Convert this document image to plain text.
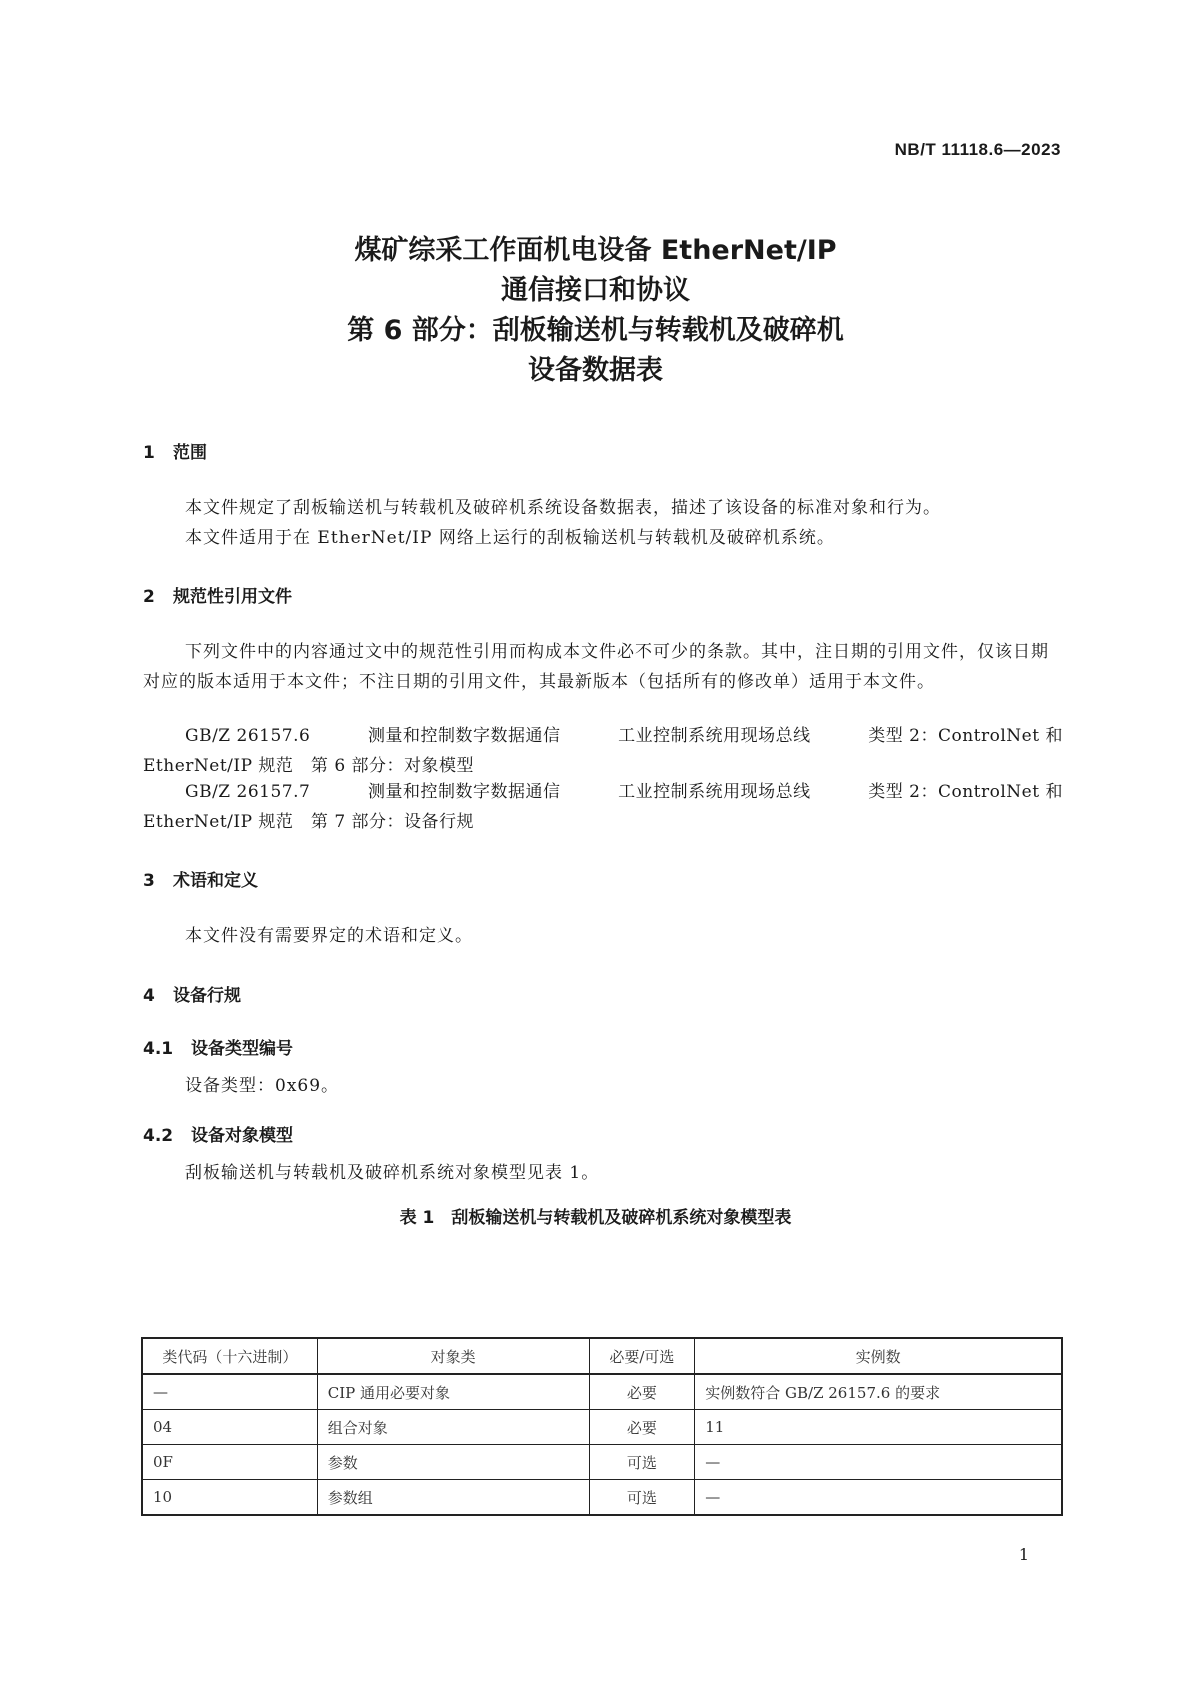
NB/T 11118.6—2023
煤矿综采工作面机电设备 EtherNet/IP
通信接口和协议
第 6 部分：刮板输送机与转载机及破碎机
设备数据表
1 范围
本文件规定了刮板输送机与转载机及破碎机系统设备数据表，描述了该设备的标准对象和行为。
本文件适用于在 EtherNet/IP 网络上运行的刮板输送机与转载机及破碎机系统。
2 规范性引用文件
下列文件中的内容通过文中的规范性引用而构成本文件必不可少的条款。其中，注日期的引用文件，仅该日期对应的版本适用于本文件；不注日期的引用文件，其最新版本（包括所有的修改单）适用于本文件。
GB/Z 26157.6	测量和控制数字数据通信	工业控制系统用现场总线	类型 2：ControlNet 和
EtherNet/IP 规范　第 6 部分：对象模型
GB/Z 26157.7	测量和控制数字数据通信	工业控制系统用现场总线	类型 2：ControlNet 和
EtherNet/IP 规范　第 7 部分：设备行规
3 术语和定义
本文件没有需要界定的术语和定义。
4 设备行规
4.1 设备类型编号
设备类型：0x69。
4.2 设备对象模型
刮板输送机与转载机及破碎机系统对象模型见表 1。
表 1　刮板输送机与转载机及破碎机系统对象模型表
类代码（十六进制）	对象类	必要/可选	实例数
—	CIP 通用必要对象	必要	实例数符合 GB/Z 26157.6 的要求
04	组合对象	必要	11
0F	参数	可选	—
10	参数组	可选	—
1
